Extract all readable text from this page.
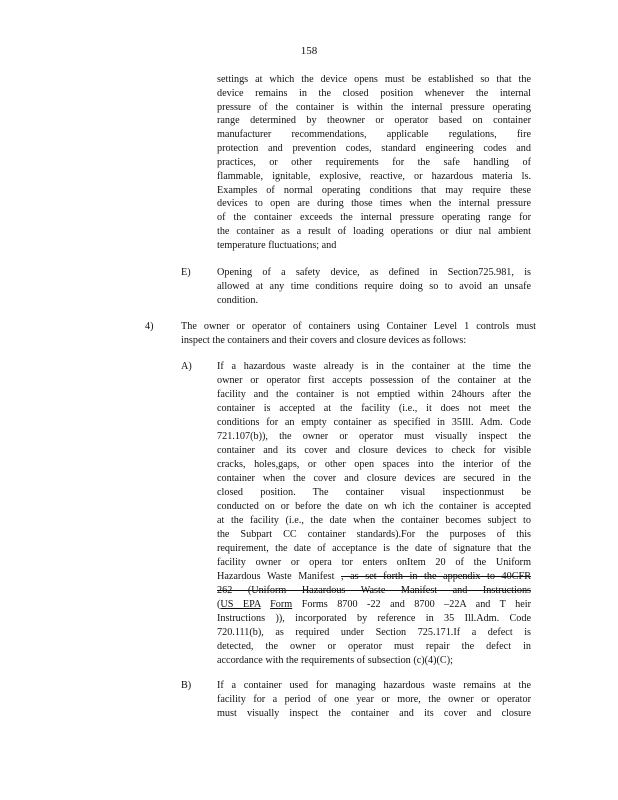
158
settings at which the device opens must be established so that the
device remains in the closed position whenever the internal
pressure of the container is within the internal pressure operating
range determined by theowner or operator based on container
manufacturer recommendations, applicable regulations, fire
protection and prevention codes, standard engineering codes and
practices, or other requirements for the safe handling of
flammable, ignitable, explosive, reactive, or hazardous materia ls.
Examples of normal operating conditions that may require these
devices to open are during those times when the internal pressure
of the container exceeds the internal pressure operating range for
the container as a result of loading operations or diur nal ambient
temperature fluctuations; and
E)	Opening of a safety device, as defined in Section725.981, is
allowed at any time conditions require doing so to avoid an unsafe
condition.
4)	The owner or operator of containers using Container Level 1 controls must
inspect the containers and their covers and closure devices as follows:
A) If a hazardous waste already is in the container at the time the
owner or operator first accepts possession of the container at the
facility and the container is not emptied within 24hours after the
container is accepted at the facility (i.e., it does not meet the
conditions for an empty container as specified in 35Ill. Adm. Code
721.107(b)), the owner or operator must visually inspect the
container and its cover and closure devices to check for visible
cracks, holes,gaps, or other open spaces into the interior of the
container when the cover and closure devices are secured in the
closed position. The container visual inspectionmust be
conducted on or before the date on wh ich the container is accepted
at the facility (i.e., the date when the container becomes subject to
the Subpart CC container standards).For the purposes of this
requirement, the date of acceptance is the date of signature that the
facility owner or opera tor enters onItem 20 of the Uniform
Hazardous Waste Manifest , as set forth in the appendix to 40CFR
262 (Uniform Hazardous Waste Manifest and Instructions
(US EPA Form Forms 8700 -22 and 8700 –22A and T heir
Instructions )), incorporated by reference in 35 Ill.Adm. Code
720.111(b), as required under Section 725.171.If a defect is
detected, the owner or operator must repair the defect in
accordance with the requirements of subsection (c)(4)(C);
B)	If a container used for managing hazardous waste remains at the
facility for a period of one year or more, the owner or operator
must visually inspect the container and its cover and closure
